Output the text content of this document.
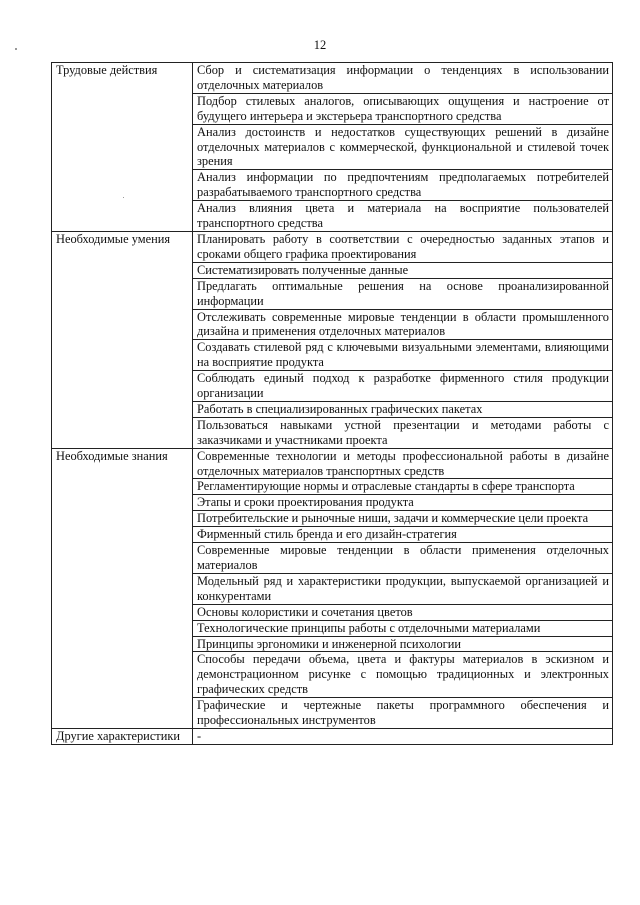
12
Трудовые действия	Сбор и систематизация информации о тенденциях в использовании отделочных материалов
	Подбор стилевых аналогов, описывающих ощущения и настроение от будущего интерьера и экстерьера транспортного средства
	Анализ достоинств и недостатков существующих решений в дизайне отделочных материалов с коммерческой, функциональной и стилевой точек зрения
	Анализ информации по предпочтениям предполагаемых потребителей разрабатываемого транспортного средства
	Анализ влияния цвета и материала на восприятие пользователей транспортного средства
Необходимые умения	Планировать работу в соответствии с очередностью заданных этапов и сроками общего графика проектирования
	Систематизировать полученные данные
	Предлагать оптимальные решения на основе проанализированной информации
	Отслеживать современные мировые тенденции в области промышленного дизайна и применения отделочных материалов
	Создавать стилевой ряд с ключевыми визуальными элементами, влияющими на восприятие продукта
	Соблюдать единый подход к разработке фирменного стиля продукции организации
	Работать в специализированных графических пакетах
	Пользоваться навыками устной презентации и методами работы с заказчиками и участниками проекта
Необходимые знания	Современные технологии и методы профессиональной работы в дизайне отделочных материалов транспортных средств
	Регламентирующие нормы и отраслевые стандарты в сфере транспорта
	Этапы и сроки проектирования продукта
	Потребительские и рыночные ниши, задачи и коммерческие цели проекта
	Фирменный стиль бренда и его дизайн-стратегия
	Современные мировые тенденции в области применения отделочных материалов
	Модельный ряд и характеристики продукции, выпускаемой организацией и конкурентами
	Основы колористики и сочетания цветов
	Технологические принципы работы с отделочными материалами
	Принципы эргономики и инженерной психологии
	Способы передачи объема, цвета и фактуры материалов в эскизном и демонстрационном рисунке с помощью традиционных и электронных графических средств
	Графические и чертежные пакеты программного обеспечения и профессиональных инструментов
Другие характеристики	-
